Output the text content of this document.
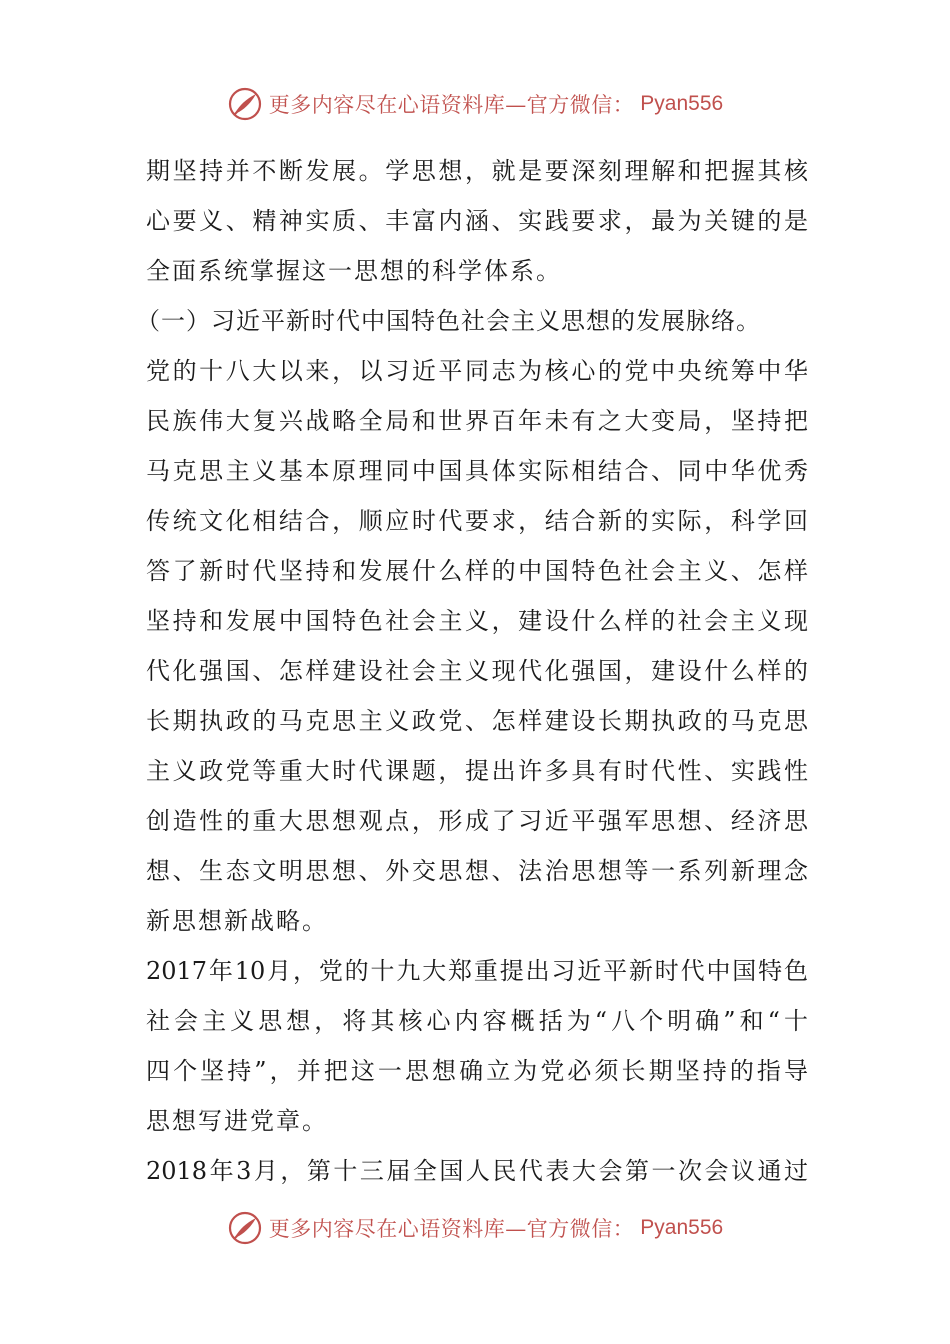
更多内容尽在心语资料库—官方微信： Pyan556
期坚持并不断发展。学思想，就是要深刻理解和把握其核
心要义、精神实质、丰富内涵、实践要求，最为关键的是
全面系统掌握这一思想的科学体系。
（一）习近平新时代中国特色社会主义思想的发展脉络。
党的十八大以来，以习近平同志为核心的党中央统筹中华
民族伟大复兴战略全局和世界百年未有之大变局，坚持把
马克思主义基本原理同中国具体实际相结合、同中华优秀
传统文化相结合，顺应时代要求，结合新的实际，科学回
答了新时代坚持和发展什么样的中国特色社会主义、怎样
坚持和发展中国特色社会主义，建设什么样的社会主义现
代化强国、怎样建设社会主义现代化强国，建设什么样的
长期执政的马克思主义政党、怎样建设长期执政的马克思
主义政党等重大时代课题，提出许多具有时代性、实践性
创造性的重大思想观点，形成了习近平强军思想、经济思
想、生态文明思想、外交思想、法治思想等一系列新理念
新思想新战略。
2017年10月，党的十九大郑重提出习近平新时代中国特色
社会主义思想，将其核心内容概括为“八个明确”和“十
四个坚持”，并把这一思想确立为党必须长期坚持的指导
思想写进党章。
2018年3月，第十三届全国人民代表大会第一次会议通过
更多内容尽在心语资料库—官方微信： Pyan556
